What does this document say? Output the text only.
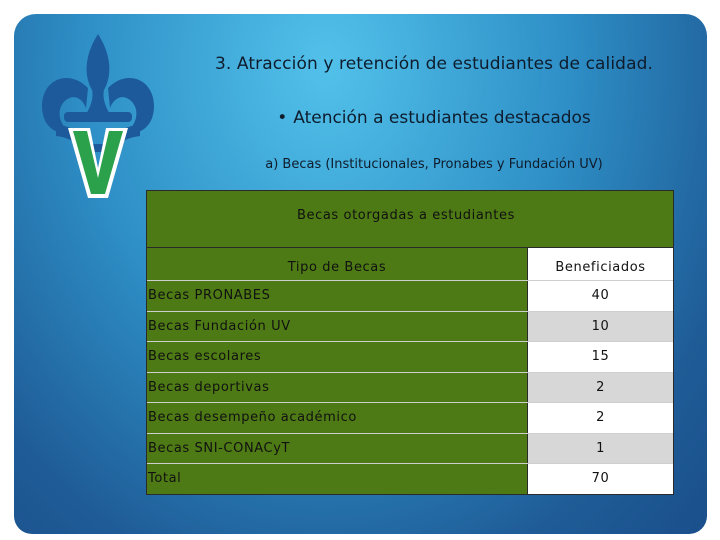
3. Atracción y retención de estudiantes de calidad.
• Atención a estudiantes destacados
a) Becas (Institucionales, Pronabes y Fundación UV)
Becas otorgadas a estudiantes
Tipo de Becas	Beneficiados
Becas PRONABES	40
Becas Fundación UV	10
Becas escolares	15
Becas deportivas	2
Becas desempeño académico	2
Becas SNI-CONACyT	1
Total	70
